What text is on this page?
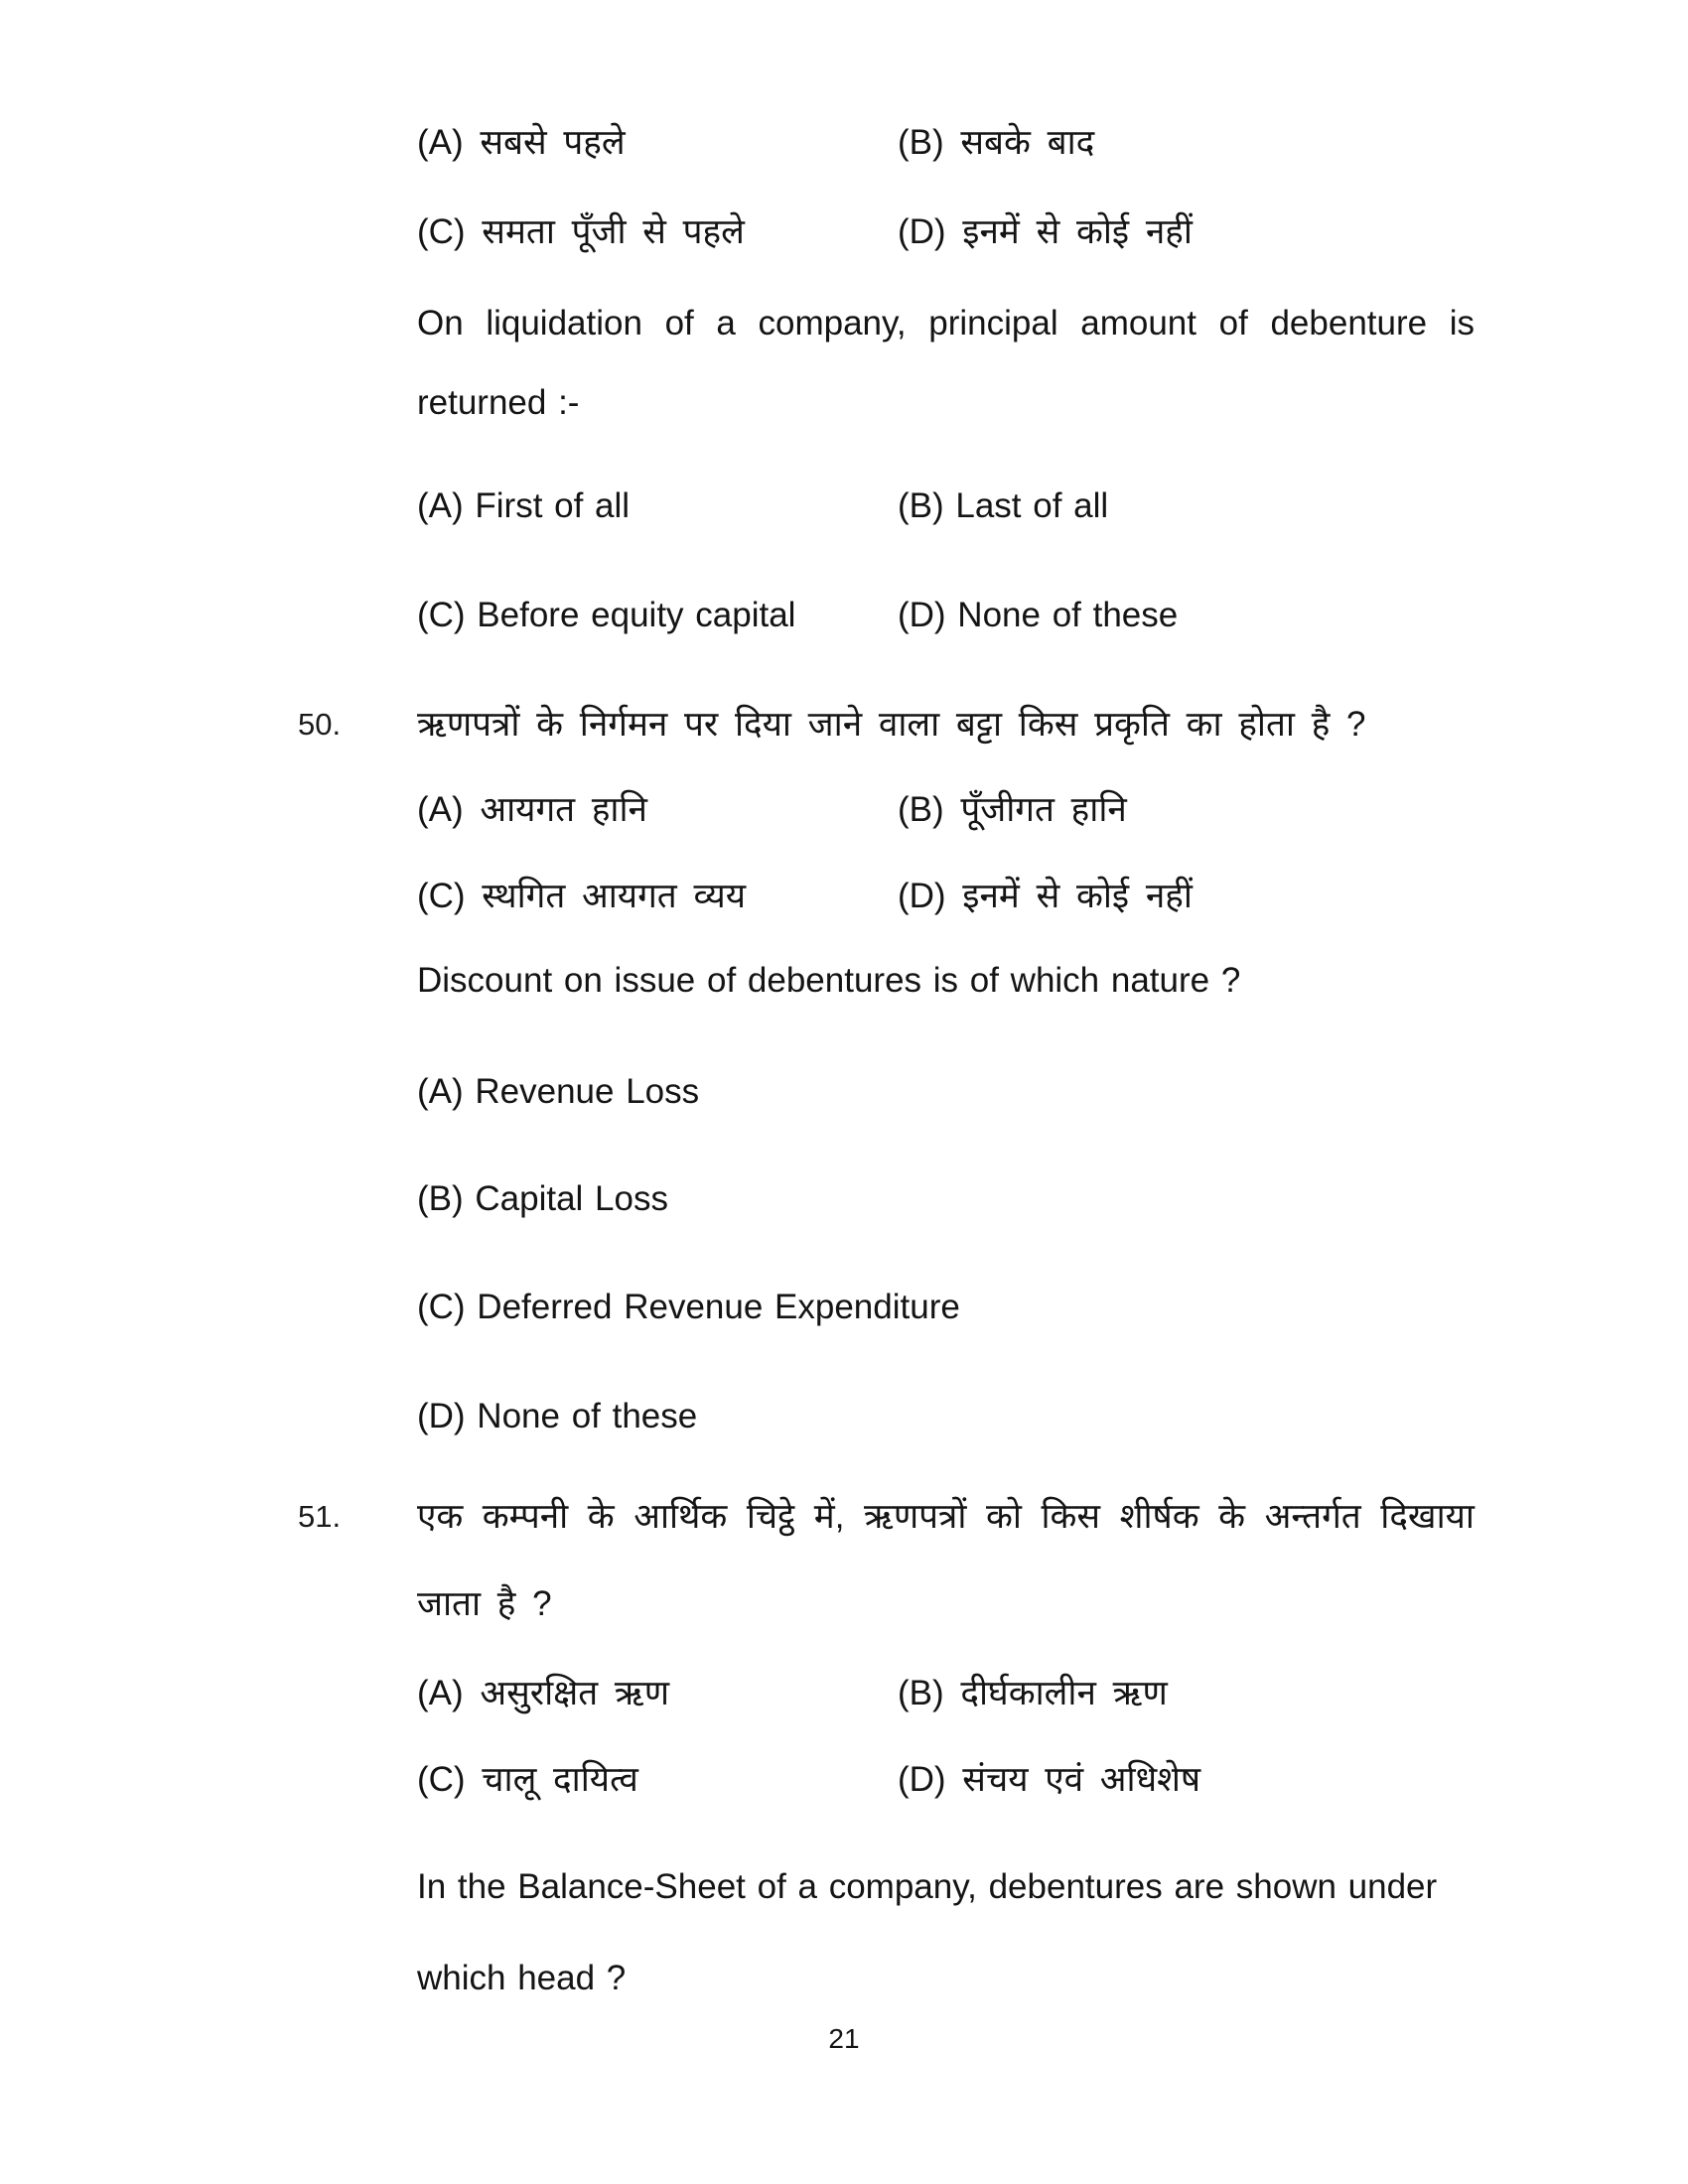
(A) सबसे पहले	(B) सबके बाद
(C) समता पूँजी से पहले	(D) इनमें से कोई नहीं
On liquidation of a company, principal amount of debenture is
returned :-
(A) First of all	(B) Last of all
(C) Before equity capital	(D) None of these
50. ऋणपत्रों के निर्गमन पर दिया जाने वाला बट्टा किस प्रकृति का होता है ?
(A) आयगत हानि	(B) पूँजीगत हानि
(C) स्थगित आयगत व्यय	(D) इनमें से कोई नहीं
Discount on issue of debentures is of which nature ?
(A) Revenue Loss
(B) Capital Loss
(C) Deferred Revenue Expenditure
(D) None of these
51. एक कम्पनी के आर्थिक चिट्ठे में, ऋणपत्रों को किस शीर्षक के अन्तर्गत दिखाया
जाता है ?
(A) असुरक्षित ऋण	(B) दीर्घकालीन ऋण
(C) चालू दायित्व	(D) संचय एवं अधिशेष
In the Balance-Sheet of a company, debentures are shown under
which head ?
21
